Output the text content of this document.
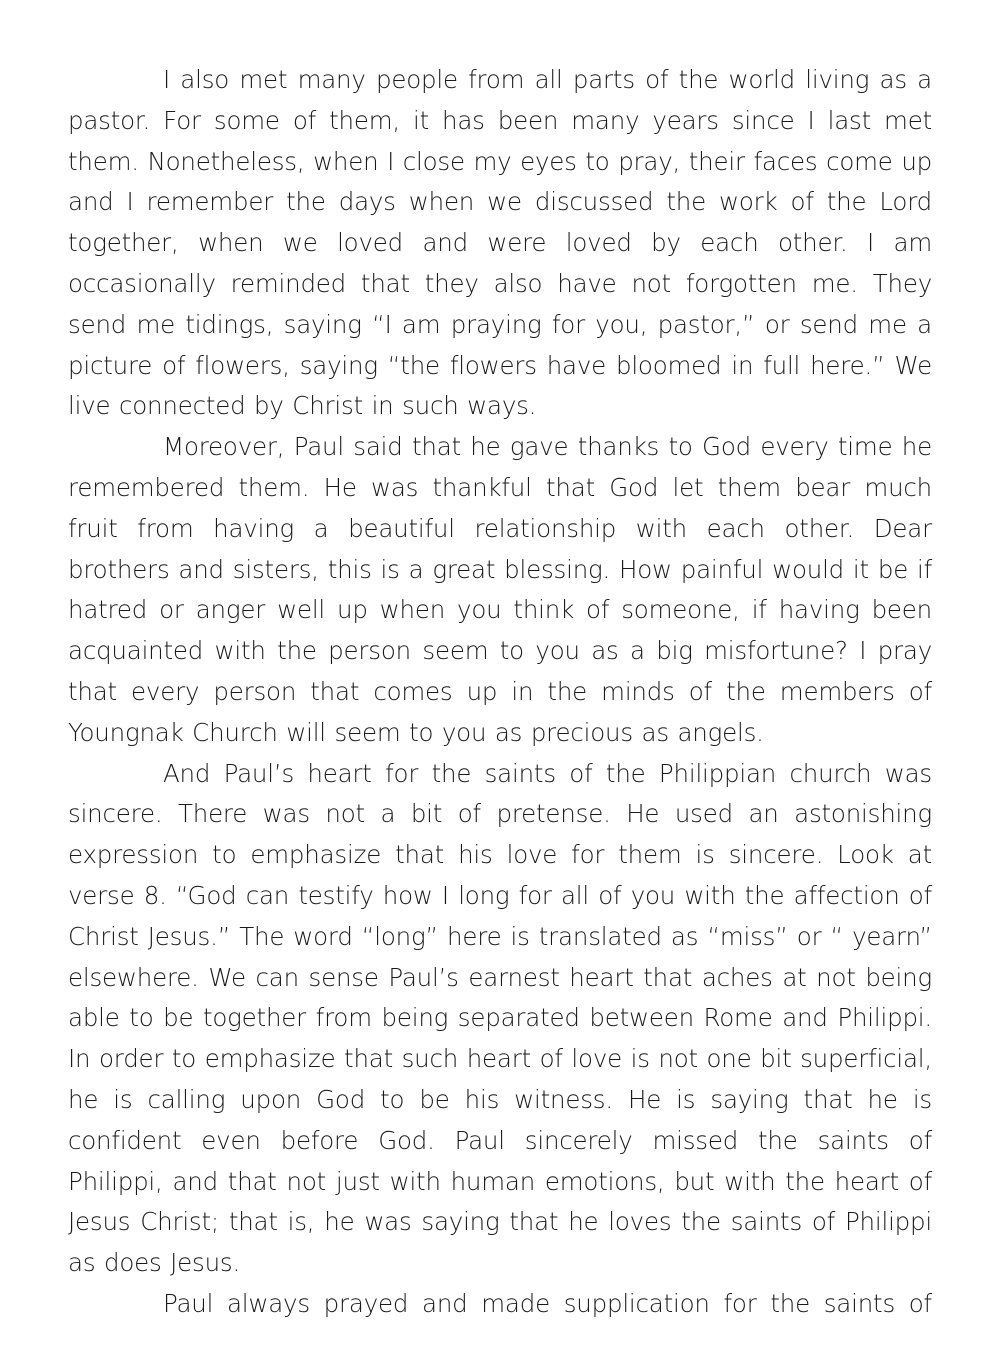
I also met many people from all parts of the world living as a pastor. For some of them, it has been many years since I last met them. Nonetheless, when I close my eyes to pray, their faces come up and I remember the days when we discussed the work of the Lord together, when we loved and were loved by each other. I am occasionally reminded that they also have not forgotten me. They send me tidings, saying “I am praying for you, pastor,” or send me a picture of flowers, saying “the flowers have bloomed in full here.” We live connected by Christ in such ways.

Moreover, Paul said that he gave thanks to God every time he remembered them. He was thankful that God let them bear much fruit from having a beautiful relationship with each other. Dear brothers and sisters, this is a great blessing. How painful would it be if hatred or anger well up when you think of someone, if having been acquainted with the person seem to you as a big misfortune? I pray that every person that comes up in the minds of the members of Youngnak Church will seem to you as precious as angels.

And Paul’s heart for the saints of the Philippian church was sincere. There was not a bit of pretense. He used an astonishing expression to emphasize that his love for them is sincere. Look at verse 8. “God can testify how I long for all of you with the affection of Christ Jesus.” The word “long” here is translated as “miss” or “ yearn” elsewhere. We can sense Paul’s earnest heart that aches at not being able to be together from being separated between Rome and Philippi. In order to emphasize that such heart of love is not one bit superficial, he is calling upon God to be his witness. He is saying that he is confident even before God. Paul sincerely missed the saints of Philippi, and that not just with human emotions, but with the heart of Jesus Christ; that is, he was saying that he loves the saints of Philippi as does Jesus.

Paul always prayed and made supplication for the saints of
